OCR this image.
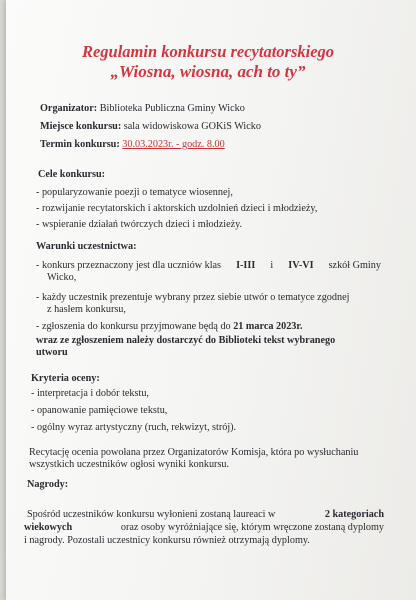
Regulamin konkursu recytatorskiego
„Wiosna, wiosna, ach to ty”

Organizator: Biblioteka Publiczna Gminy Wicko

Miejsce konkursu: sala widowiskowa GOKiS Wicko

Termin konkursu: 30.03.2023r. - godz. 8.00

Cele konkursu:

- popularyzowanie poezji o tematyce wiosennej,

- rozwijanie recytatorskich i aktorskich uzdolnień dzieci i młodzieży,

- wspieranie działań twórczych dzieci i młodzieży.

Warunki uczestnictwa:

- konkurs przeznaczony jest dla uczniów klas I-III i IV-VI szkół Gminy

Wicko,

- każdy uczestnik prezentuje wybrany przez siebie utwór o tematyce zgodnej

z hasłem konkursu,

- zgłoszenia do konkursu przyjmowane będą do 21 marca 2023r.

wraz ze zgłoszeniem należy dostarczyć do Biblioteki tekst wybranego

utworu

Kryteria oceny:

- interpretacja i dobór tekstu,

- opanowanie pamięciowe tekstu,

- ogólny wyraz artystyczny (ruch, rekwizyt, strój).

Recytację oceniа powołana przez Organizatorów Komisja, która po wysłuchaniu

wszystkich uczestników ogłosi wyniki konkursu.

Nagrody:

Spośród uczestników konkursu wyłonieni zostaną laureaci w	2 kategoriach

wiekowych	oraz osoby wyróżniające się, którym wręczone zostaną dyplomy

i nagrody. Pozostali uczestnicy konkursu również otrzymają dyplomy.
